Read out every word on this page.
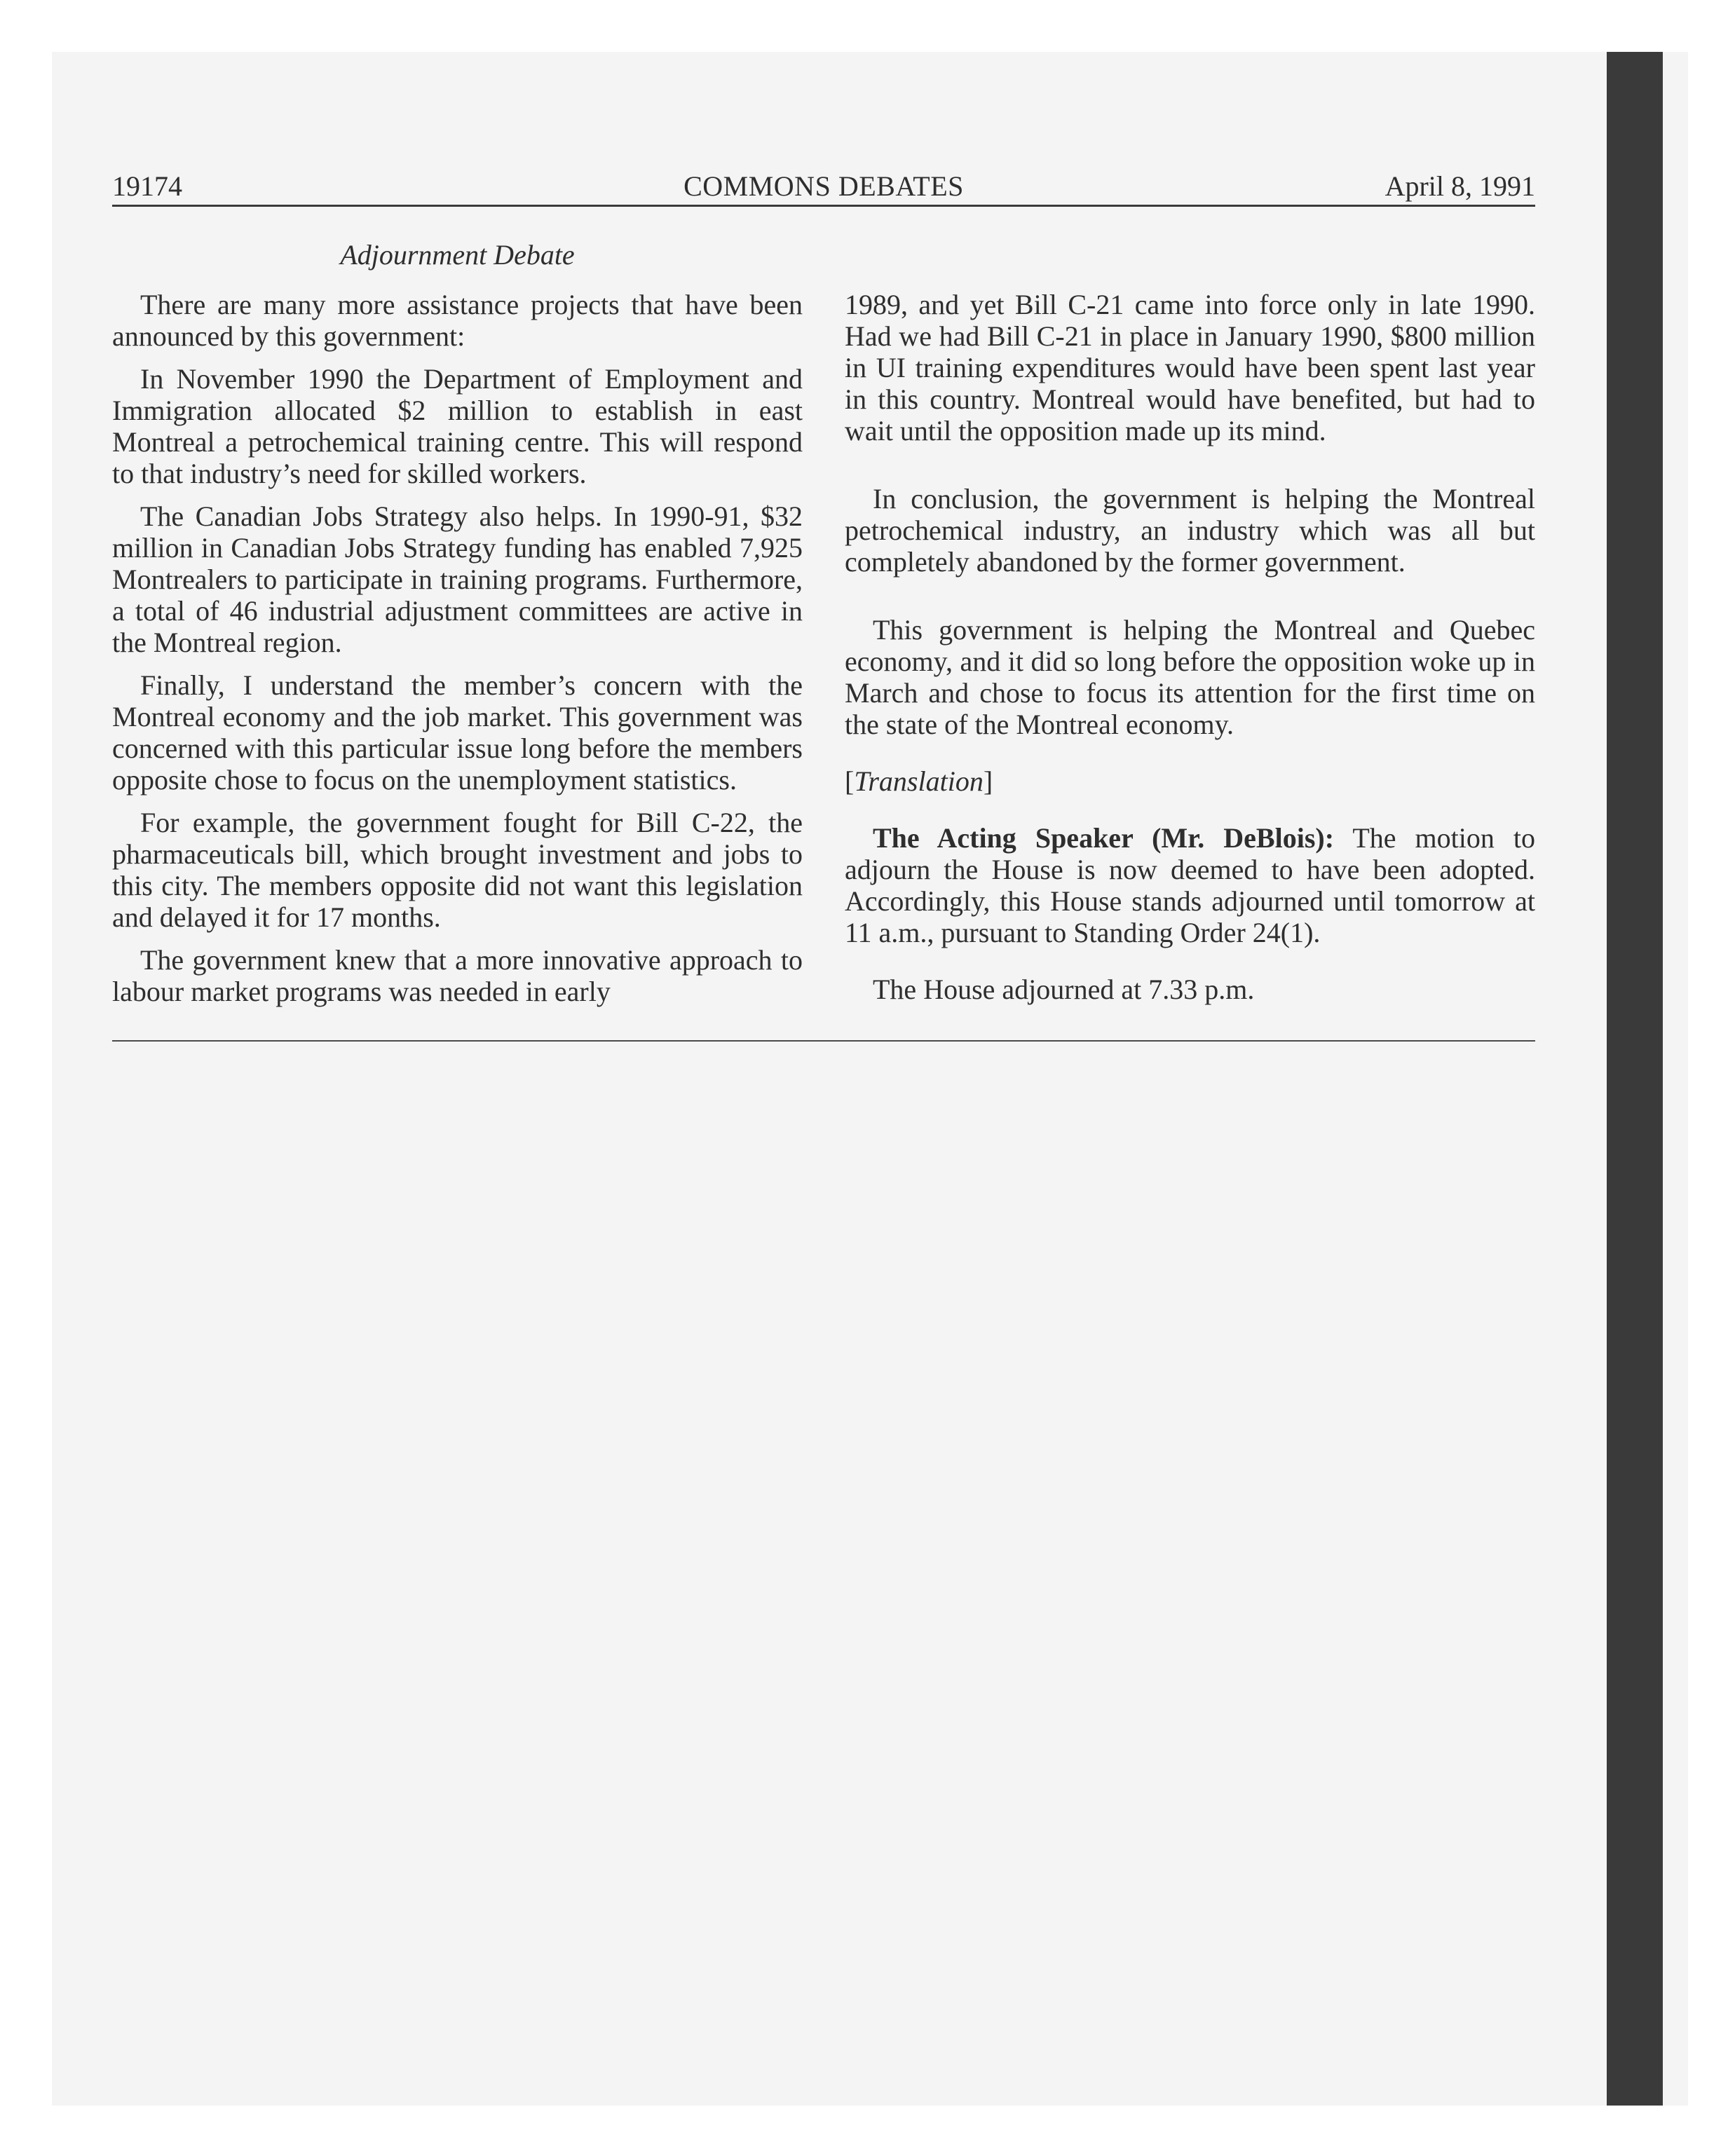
19174	COMMONS DEBATES	April 8, 1991
Adjournment Debate

There are many more assistance projects that have been announced by this government:

In November 1990 the Department of Employment and Immigration allocated $2 million to establish in east Montreal a petrochemical training centre. This will respond to that industry’s need for skilled workers.

The Canadian Jobs Strategy also helps. In 1990-91, $32 million in Canadian Jobs Strategy funding has enabled 7,925 Montrealers to participate in training programs. Furthermore, a total of 46 industrial adjustment committees are active in the Montreal region.

Finally, I understand the member’s concern with the Montreal economy and the job market. This government was concerned with this particular issue long before the members opposite chose to focus on the unemployment statistics.

For example, the government fought for Bill C-22, the pharmaceuticals bill, which brought investment and jobs to this city. The members opposite did not want this legislation and delayed it for 17 months.

The government knew that a more innovative approach to labour market programs was needed in early

1989, and yet Bill C-21 came into force only in late 1990. Had we had Bill C-21 in place in January 1990, $800 million in UI training expenditures would have been spent last year in this country. Montreal would have benefited, but had to wait until the opposition made up its mind.

In conclusion, the government is helping the Montreal petrochemical industry, an industry which was all but completely abandoned by the former government.

This government is helping the Montreal and Quebec economy, and it did so long before the opposition woke up in March and chose to focus its attention for the first time on the state of the Montreal economy.

[Translation]

The Acting Speaker (Mr. DeBlois): The motion to adjourn the House is now deemed to have been adopted. Accordingly, this House stands adjourned until tomorrow at 11 a.m., pursuant to Standing Order 24(1).

The House adjourned at 7.33 p.m.
